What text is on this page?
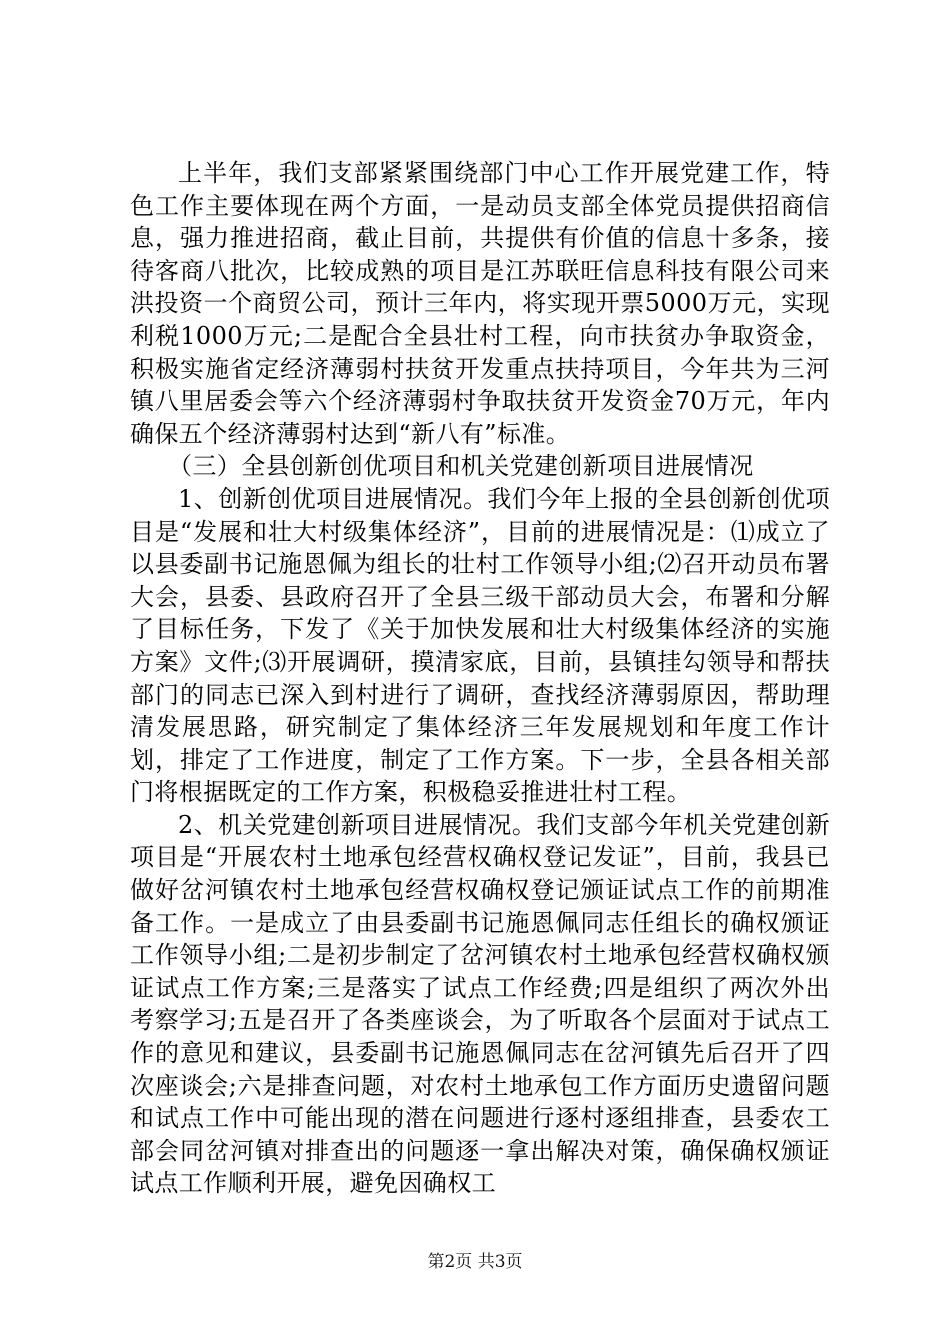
上半年，我们支部紧紧围绕部门中心工作开展党建工作，特色工作主要体现在两个方面，一是动员支部全体党员提供招商信息，强力推进招商，截止目前，共提供有价值的信息十多条，接待客商八批次，比较成熟的项目是江苏联旺信息科技有限公司来洪投资一个商贸公司，预计三年内，将实现开票5000万元，实现利税1000万元;二是配合全县壮村工程，向市扶贫办争取资金，积极实施省定经济薄弱村扶贫开发重点扶持项目，今年共为三河镇八里居委会等六个经济薄弱村争取扶贫开发资金70万元，年内确保五个经济薄弱村达到“新八有”标准。

（三）全县创新创优项目和机关党建创新项目进展情况

1、创新创优项目进展情况。我们今年上报的全县创新创优项目是“发展和壮大村级集体经济”，目前的进展情况是：⑴成立了以县委副书记施恩佩为组长的壮村工作领导小组;⑵召开动员布署大会，县委、县政府召开了全县三级干部动员大会，布署和分解了目标任务，下发了《关于加快发展和壮大村级集体经济的实施方案》文件;⑶开展调研，摸清家底，目前，县镇挂勾领导和帮扶部门的同志已深入到村进行了调研，查找经济薄弱原因，帮助理清发展思路，研究制定了集体经济三年发展规划和年度工作计划，排定了工作进度，制定了工作方案。下一步，全县各相关部门将根据既定的工作方案，积极稳妥推进壮村工程。

2、机关党建创新项目进展情况。我们支部今年机关党建创新项目是“开展农村土地承包经营权确权登记发证”，目前，我县已做好岔河镇农村土地承包经营权确权登记颁证试点工作的前期准备工作。一是成立了由县委副书记施恩佩同志任组长的确权颁证工作领导小组;二是初步制定了岔河镇农村土地承包经营权确权颁证试点工作方案;三是落实了试点工作经费;四是组织了两次外出考察学习;五是召开了各类座谈会，为了听取各个层面对于试点工作的意见和建议，县委副书记施恩佩同志在岔河镇先后召开了四次座谈会;六是排查问题，对农村土地承包工作方面历史遗留问题和试点工作中可能出现的潜在问题进行逐村逐组排查，县委农工部会同岔河镇对排查出的问题逐一拿出解决对策，确保确权颁证试点工作顺利开展，避免因确权工

第2页 共3页
